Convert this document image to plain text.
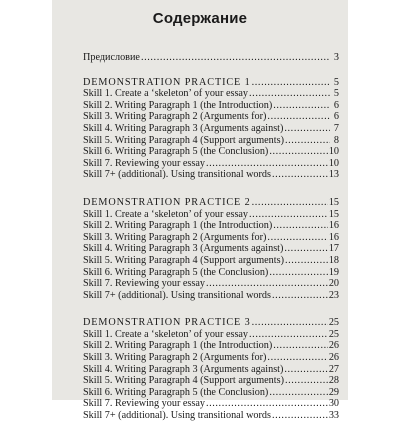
Содержание
Предисловие .....	3
DEMONSTRATION PRACTICE 1 .....	5
Skill 1. Create a ‘skeleton’ of your essay .....	5
Skill 2. Writing Paragraph 1 (the Introduction) .....	6
Skill 3. Writing Paragraph 2 (Arguments for) .....	6
Skill 4. Writing Paragraph 3 (Arguments against) .....	7
Skill 5. Writing Paragraph 4 (Support arguments) .....	8
Skill 6. Writing Paragraph 5 (the Conclusion) .....	10
Skill 7. Reviewing your essay .....	10
Skill 7+ (additional). Using transitional words .....	13
DEMONSTRATION PRACTICE 2 .....	15
Skill 1. Create a ‘skeleton’ of your essay .....	15
Skill 2. Writing Paragraph 1 (the Introduction) .....	16
Skill 3. Writing Paragraph 2 (Arguments for) .....	16
Skill 4. Writing Paragraph 3 (Arguments against) .....	17
Skill 5. Writing Paragraph 4 (Support arguments) .....	18
Skill 6. Writing Paragraph 5 (the Conclusion) .....	19
Skill 7. Reviewing your essay .....	20
Skill 7+ (additional). Using transitional words .....	23
DEMONSTRATION PRACTICE 3 .....	25
Skill 1. Create a ‘skeleton’ of your essay .....	25
Skill 2. Writing Paragraph 1 (the Introduction) .....	26
Skill 3. Writing Paragraph 2 (Arguments for) .....	26
Skill 4. Writing Paragraph 3 (Arguments against) .....	27
Skill 5. Writing Paragraph 4 (Support arguments) .....	28
Skill 6. Writing Paragraph 5 (the Conclusion) .....	29
Skill 7. Reviewing your essay .....	30
Skill 7+ (additional). Using transitional words .....	33
